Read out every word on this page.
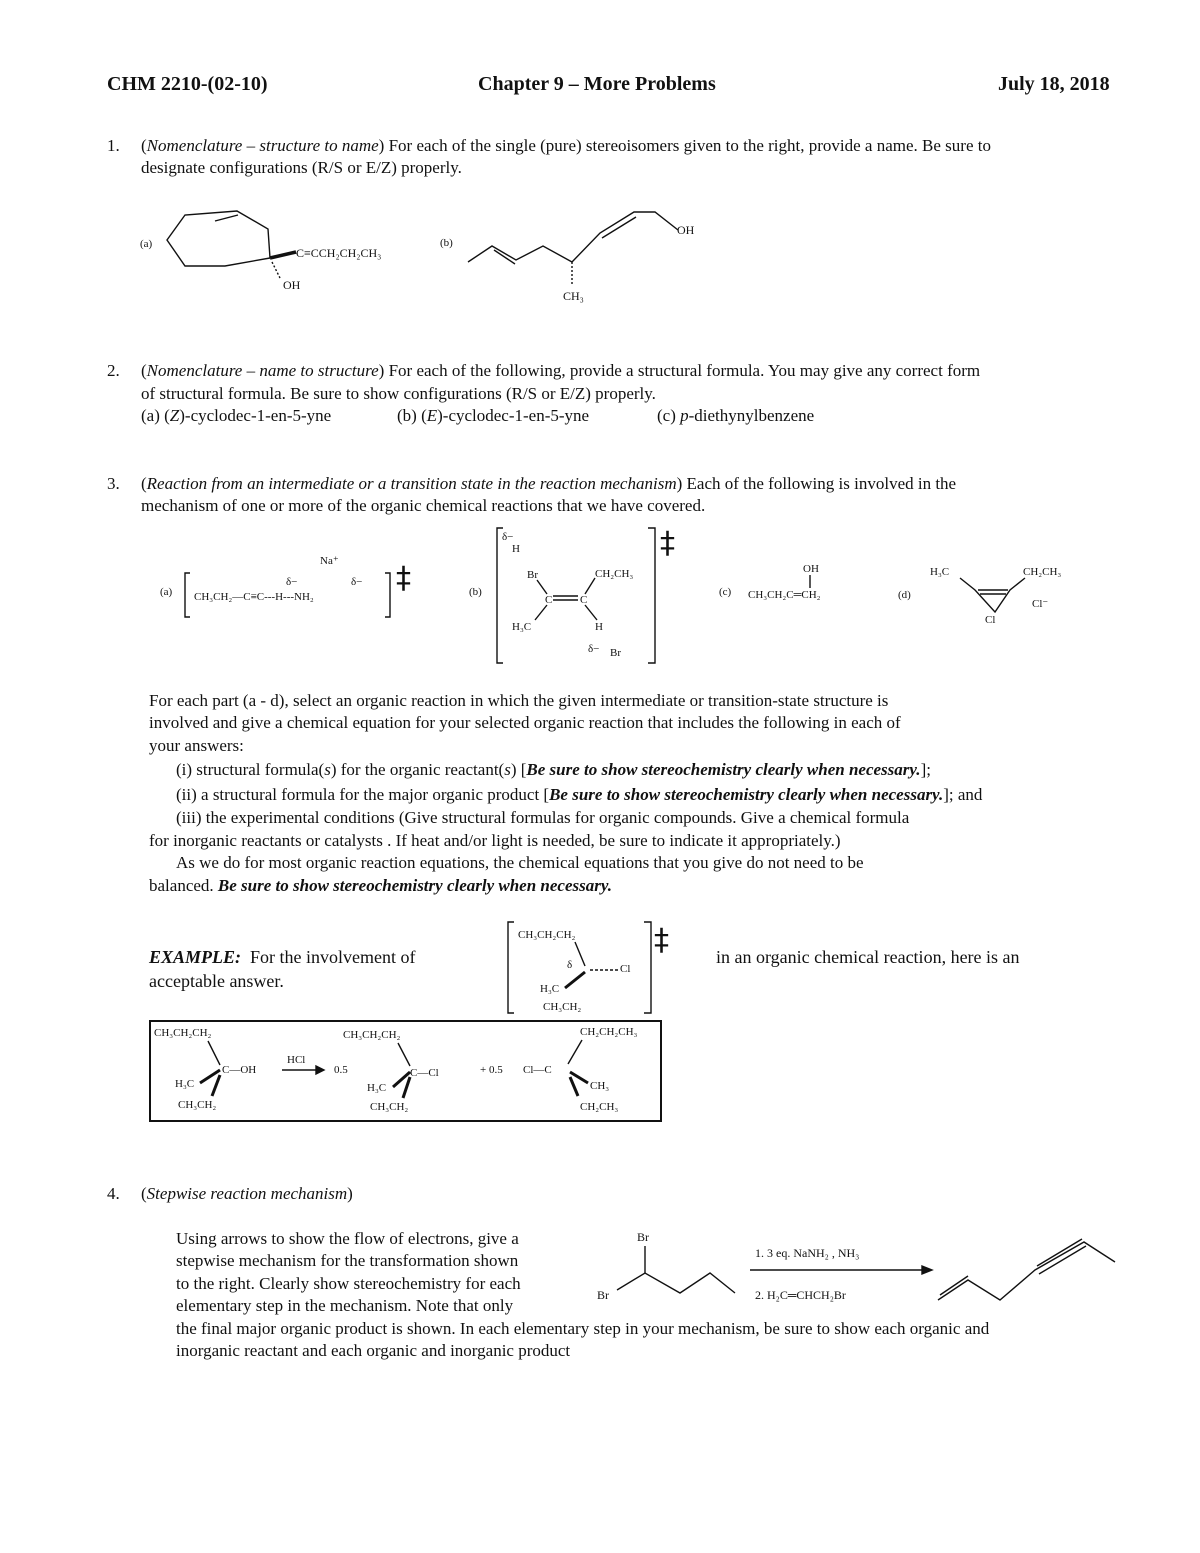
CHM 2210-(02-10)	Chapter 9 – More Problems	July 18, 2018
1. (Nomenclature – structure to name) For each of the single (pure) stereoisomers given to the right, provide a name. Be sure to
designate configurations (R/S or E/Z) properly.
(a)
C≡CCH₂CH₂CH₃
OH
(b)
OH
CH₃
2. (Nomenclature – name to structure) For each of the following, provide a structural formula. You may give any correct form
of structural formula. Be sure to show configurations (R/S or E/Z) properly.
(a) (Z)-cyclodec-1-en-5-yne	(b) (E)-cyclodec-1-en-5-yne	(c) p-diethynylbenzene
3. (Reaction from an intermediate or a transition state in the reaction mechanism) Each of the following is involved in the
mechanism of one or more of the organic chemical reactions that we have covered.
(a)
Na⁺
δ−	δ−
CH₃CH₂—C≡C---H---NH₂
‡	(b)
δ−
H
Br	CH₂CH₃
C	C
H₃C	H
δ− Br
‡
(c)
OH
CH₃CH₂C═CH₂	(d)
H₃C	CH₂CH₃
Cl
Cl⁻
For each part (a - d), select an organic reaction in which the given intermediate or transition-state structure is
involved and give a chemical equation for your selected organic reaction that includes the following in each of
your answers:
(i) structural formula(s) for the organic reactant(s) [Be sure to show stereochemistry clearly when necessary.];
(ii) a structural formula for the major organic product [Be sure to show stereochemistry clearly when necessary.]; and
(iii) the experimental conditions (Give structural formulas for organic compounds. Give a chemical formula
for inorganic reactants or catalysts . If heat and/or light is needed, be sure to indicate it appropriately.)
As we do for most organic reaction equations, the chemical equations that you give do not need to be
balanced. Be sure to show stereochemistry clearly when necessary.
EXAMPLE: For the involvement of	in an organic chemical reaction, here is an
acceptable answer.
CH₃CH₂CH₂
δ	Cl
H₃C
CH₃CH₂
‡
CH₃CH₂CH₂
C—OH
H₃C
CH₃CH₂
HCl
0.5
CH₃CH₂CH₂
C—Cl
H₃C
CH₃CH₂
+ 0.5
CH₂CH₂CH₃
Cl—C
CH₃
CH₂CH₃
4. (Stepwise reaction mechanism)
Using arrows to show the flow of electrons, give a
stepwise mechanism for the transformation shown
to the right. Clearly show stereochemistry for each
elementary step in the mechanism. Note that only
the final major organic product is shown. In each elementary step in your mechanism, be sure to show each organic and
inorganic reactant and each organic and inorganic product
Br
Br
1. 3 eq. NaNH₂ , NH₃
2. H₂C═CHCH₂Br
